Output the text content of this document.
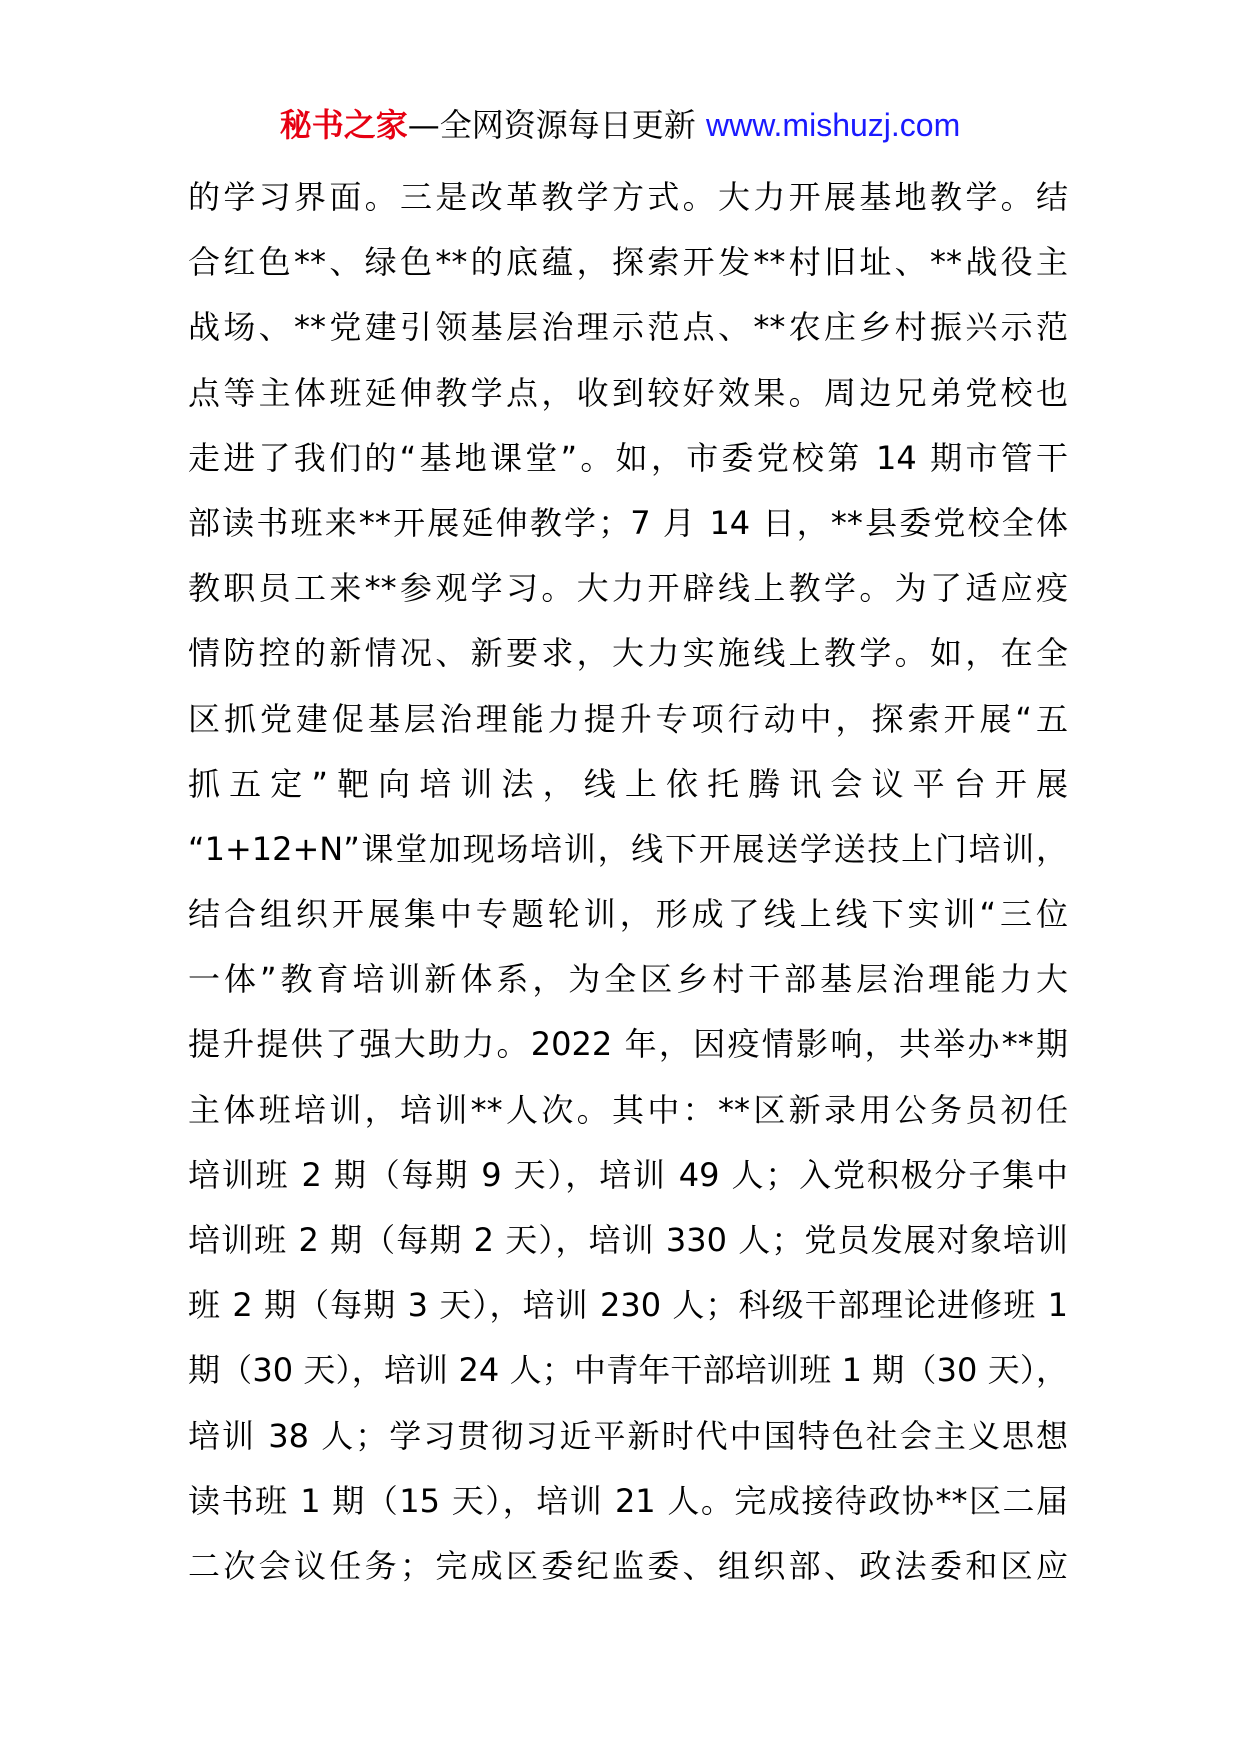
秘书之家—全网资源每日更新 www.mishuzj.com
的学习界面。三是改革教学方式。大力开展基地教学。结
合红色**、绿色**的底蕴，探索开发**村旧址、**战役主
战场、**党建引领基层治理示范点、**农庄乡村振兴示范
点等主体班延伸教学点，收到较好效果。周边兄弟党校也
走进了我们的“基地课堂”。如，市委党校第 14 期市管干
部读书班来**开展延伸教学；7 月 14 日，**县委党校全体
教职员工来**参观学习。大力开辟线上教学。为了适应疫
情防控的新情况、新要求，大力实施线上教学。如，在全
区抓党建促基层治理能力提升专项行动中，探索开展“五
抓五定”靶向培训法，线上依托腾讯会议平台开展
“1+12+N”课堂加现场培训，线下开展送学送技上门培训，
结合组织开展集中专题轮训，形成了线上线下实训“三位
一体”教育培训新体系，为全区乡村干部基层治理能力大
提升提供了强大助力。2022 年，因疫情影响，共举办**期
主体班培训，培训**人次。其中：**区新录用公务员初任
培训班 2 期（每期 9 天），培训 49 人；入党积极分子集中
培训班 2 期（每期 2 天），培训 330 人；党员发展对象培训
班 2 期（每期 3 天），培训 230 人；科级干部理论进修班 1
期（30 天），培训 24 人；中青年干部培训班 1 期（30 天），
培训 38 人；学习贯彻习近平新时代中国特色社会主义思想
读书班 1 期（15 天），培训 21 人。完成接待政协**区二届
二次会议任务；完成区委纪监委、组织部、政法委和区应
